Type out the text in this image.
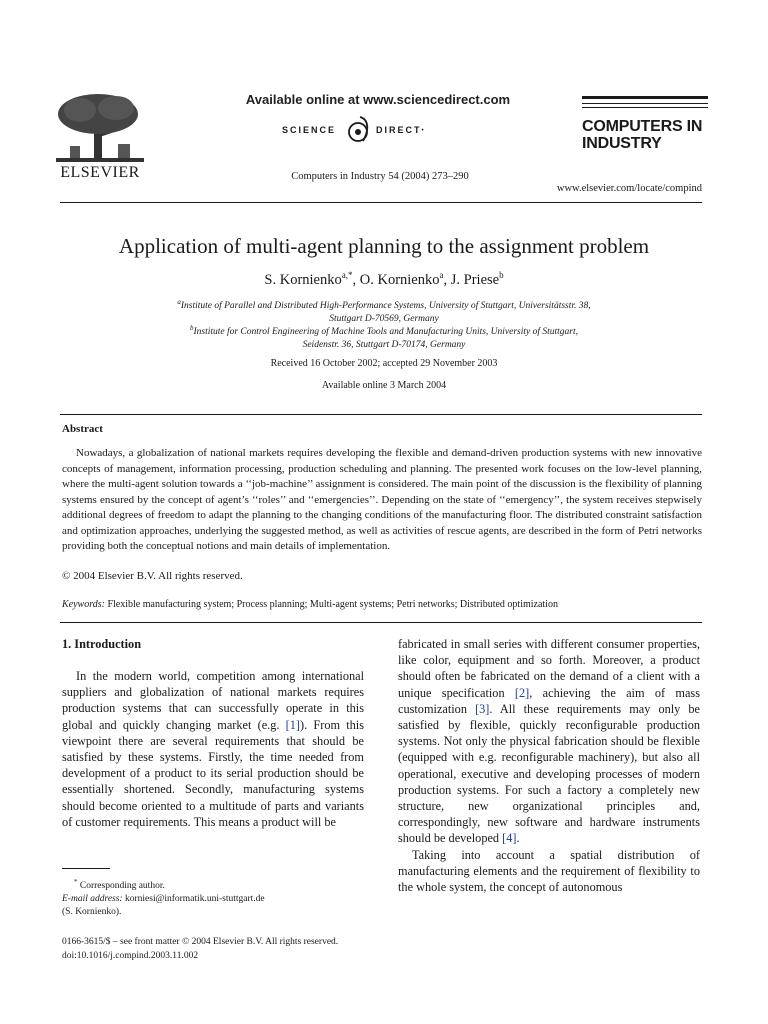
ELSEVIER
Available online at www.sciencedirect.com
SCIENCE	DIRECT•
Computers in Industry 54 (2004) 273–290
COMPUTERS IN
INDUSTRY
www.elsevier.com/locate/compind
Application of multi-agent planning to the assignment problem
S. Kornienko$^{a,*}$, O. Kornienko$^a$, J. Priese$^b$
$^a$Institute of Parallel and Distributed High-Performance Systems, University of Stuttgart, Universitätsstr. 38,
Stuttgart D-70569, Germany
$^b$Institute for Control Engineering of Machine Tools and Manufacturing Units, University of Stuttgart,
Seidenstr. 36, Stuttgart D-70174, Germany
Received 16 October 2002; accepted 29 November 2003
Available online 3 March 2004
Abstract
Nowadays, a globalization of national markets requires developing the flexible and demand-driven production systems with new innovative concepts of management, information processing, production scheduling and planning. The presented work focuses on the low-level planning, where the multi-agent solution towards a ‘‘job-machine’’ assignment is considered. The main point of the discussion is the flexibility of planning systems ensured by the concept of agent’s ‘‘roles’’ and ‘‘emergencies’’. Depending on the state of ‘‘emergency’’, the system receives stepwisely additional degrees of freedom to adapt the planning to the changing conditions of the manufacturing floor. The distributed constraint satisfaction and optimization approaches, underlying the suggested method, as well as activities of rescue agents, are described in the form of Petri networks providing both the conceptual notions and main details of implementation.
© 2004 Elsevier B.V. All rights reserved.
Keywords: Flexible manufacturing system; Process planning; Multi-agent systems; Petri networks; Distributed optimization
1. Introduction

In the modern world, competition among international suppliers and globalization of national markets requires production systems that can successfully operate in this global and quickly changing market (e.g. [1]). From this viewpoint there are several requirements that should be satisfied by these systems. Firstly, the time needed from development of a product to its serial production should be essentially shortened. Secondly, manufacturing systems should become oriented to a multitude of parts and variants of customer requirements. This means a product will be

fabricated in small series with different consumer properties, like color, equipment and so forth. Moreover, a product should often be fabricated on the demand of a client with a unique specification [2], achieving the aim of mass customization [3]. All these requirements may only be satisfied by flexible, quickly reconfigurable production systems. Not only the physical fabrication should be flexible (equipped with e.g. reconfigurable machinery), but also all operational, executive and developing processes of modern production systems. For such a factory a completely new structure, new organizational principles and, correspondingly, new software and hardware instruments should be developed [4].

Taking into account a spatial distribution of manufacturing elements and the requirement of flexibility to the whole system, the concept of autonomous

* Corresponding author.
E-mail address: korniesi@informatik.uni-stuttgart.de
(S. Kornienko).
0166-3615/$ – see front matter © 2004 Elsevier B.V. All rights reserved.
doi:10.1016/j.compind.2003.11.002
